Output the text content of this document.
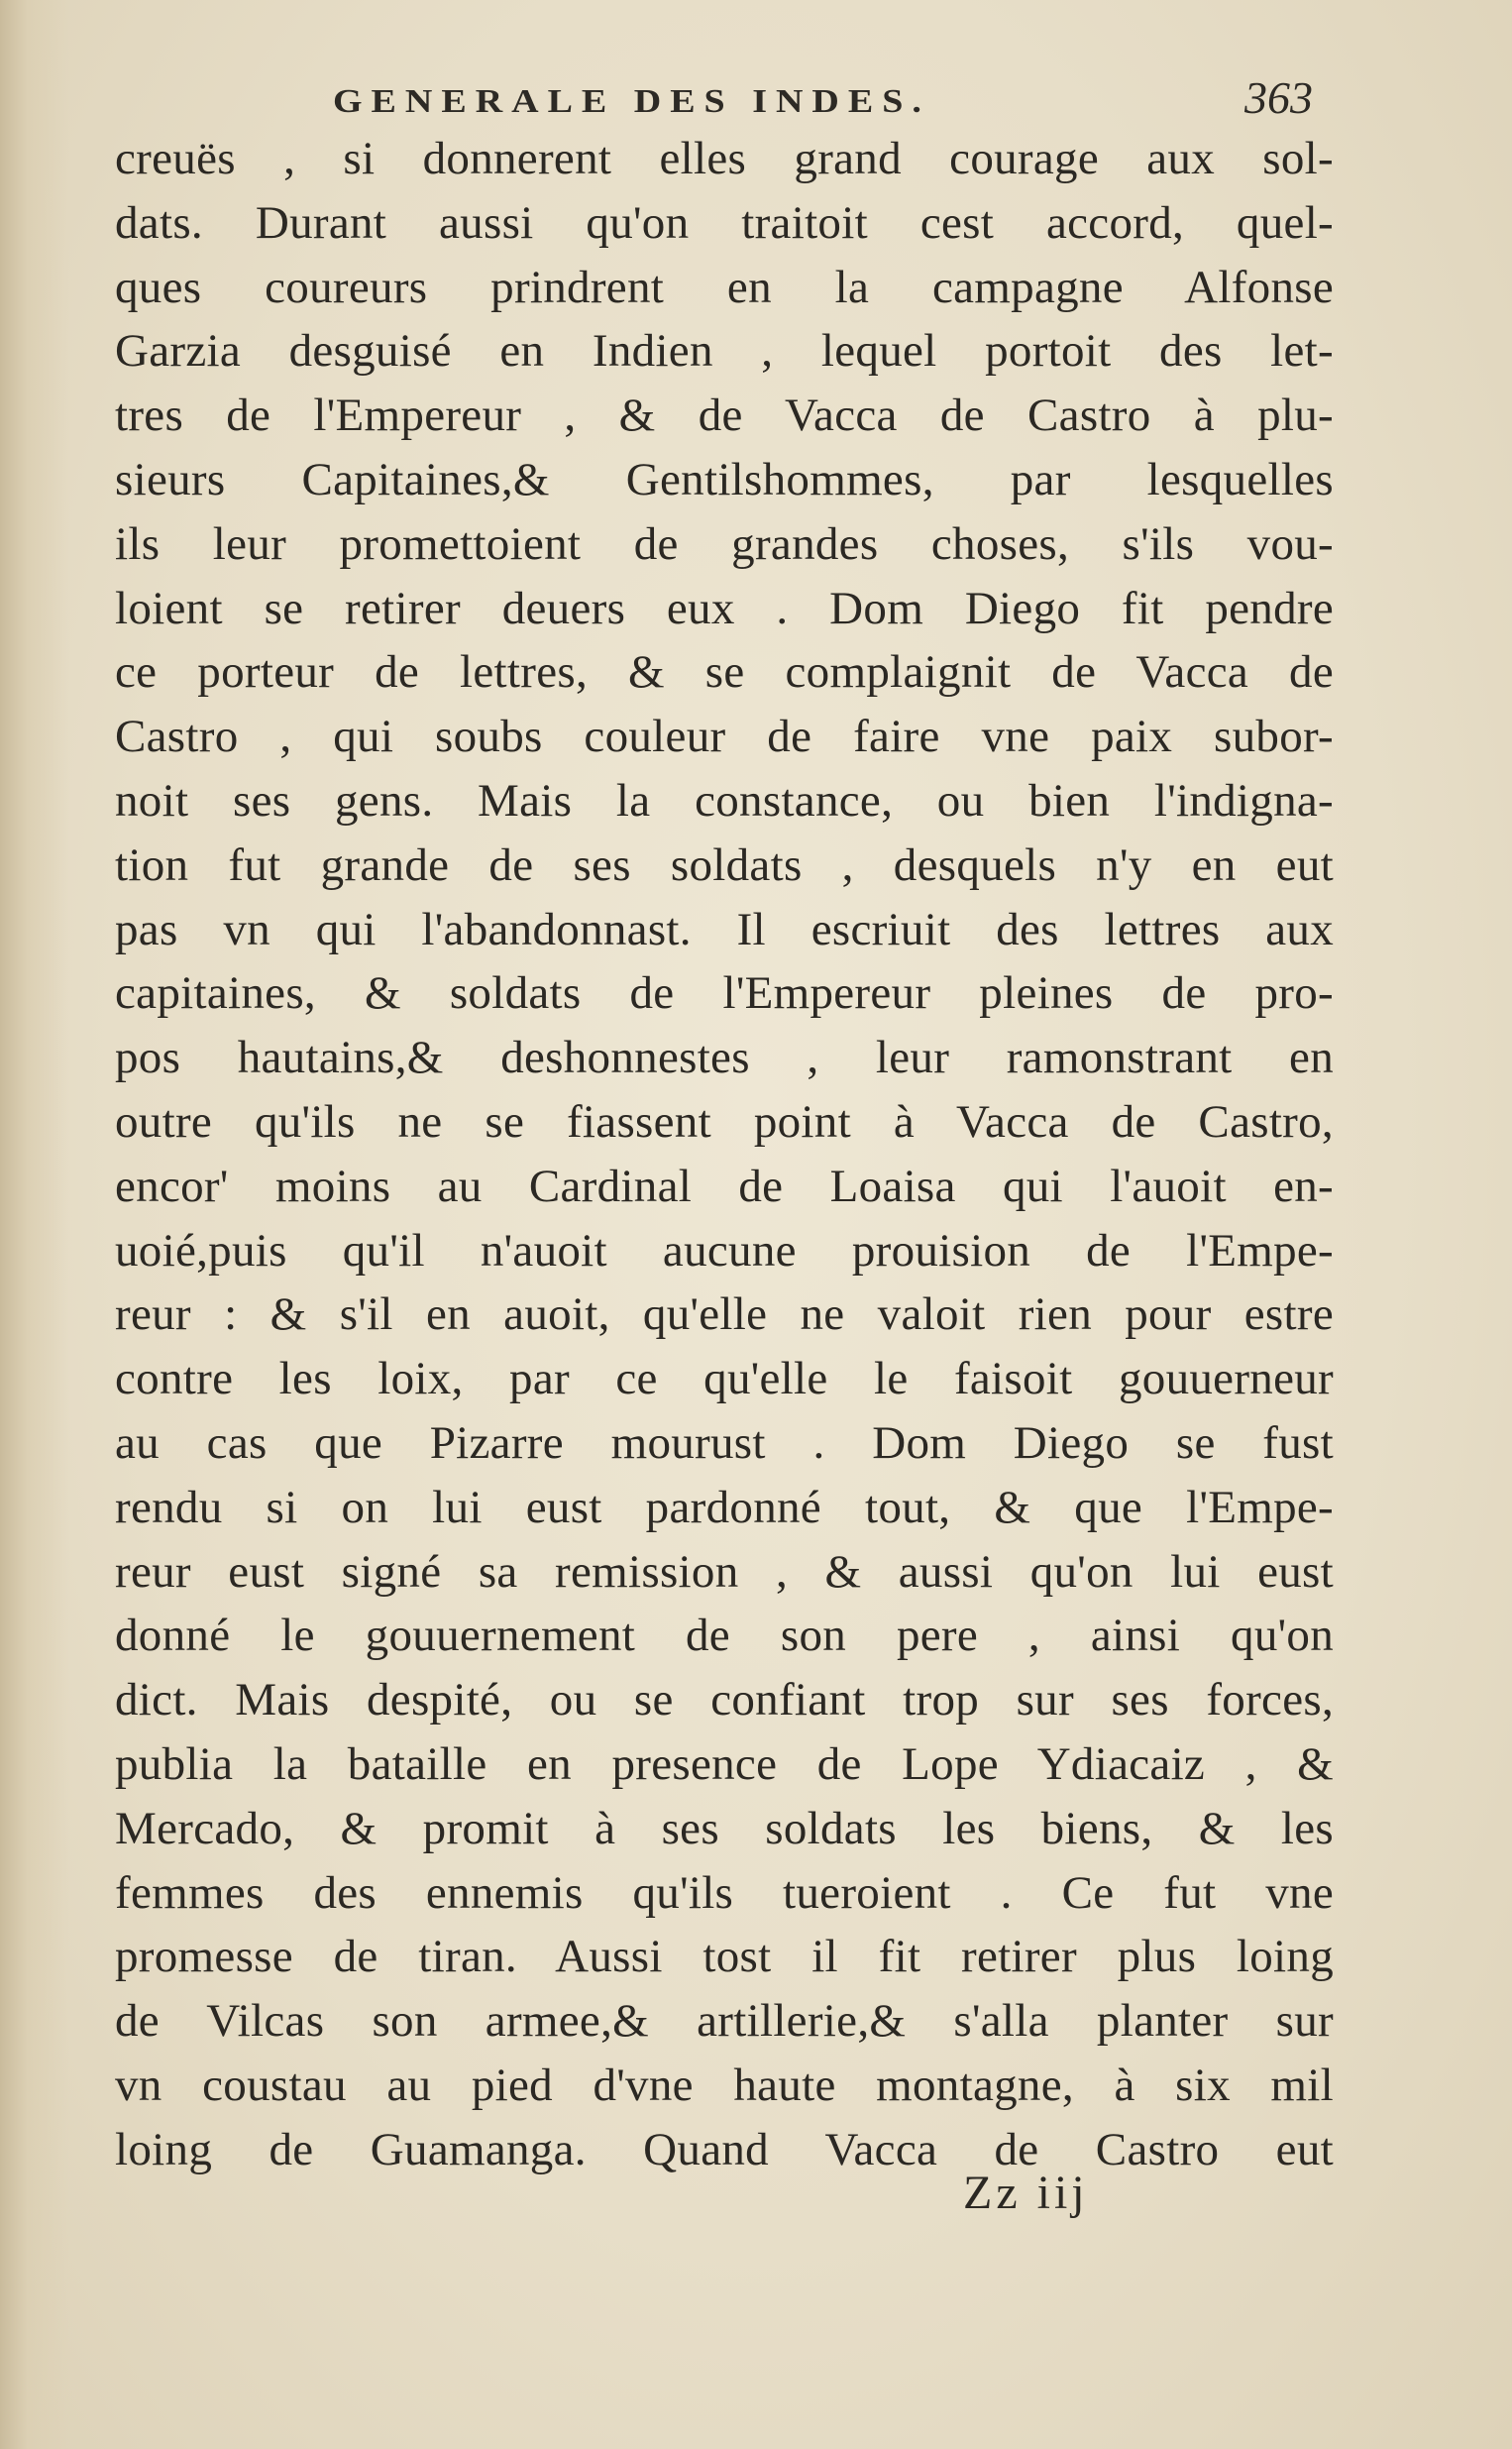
GENERALE DES INDES.	363
creuës , si donnerent elles grand courage aux sol-
dats. Durant aussi qu'on traitoit cest accord, quel-
ques coureurs prindrent en la campagne Alfonse
Garzia desguisé en Indien , lequel portoit des let-
tres de l'Empereur , & de Vacca de Castro à plu-
sieurs Capitaines,& Gentilshommes, par lesquelles
ils leur promettoient de grandes choses, s'ils vou-
loient se retirer deuers eux . Dom Diego fit pendre
ce porteur de lettres, & se complaignit de Vacca de
Castro , qui soubs couleur de faire vne paix subor-
noit ses gens. Mais la constance, ou bien l'indigna-
tion fut grande de ses soldats , desquels n'y en eut
pas vn qui l'abandonnast. Il escriuit des lettres aux
capitaines, & soldats de l'Empereur pleines de pro-
pos hautains,& deshonnestes , leur ramonstrant en
outre qu'ils ne se fiassent point à Vacca de Castro,
encor' moins au Cardinal de Loaisa qui l'auoit en-
uoié,puis qu'il n'auoit aucune prouision de l'Empe-
reur : & s'il en auoit, qu'elle ne valoit rien pour estre
contre les loix, par ce qu'elle le faisoit gouuerneur
au cas que Pizarre mourust . Dom Diego se fust
rendu si on lui eust pardonné tout, & que l'Empe-
reur eust signé sa remission , & aussi qu'on lui eust
donné le gouuernement de son pere , ainsi qu'on
dict. Mais despité, ou se confiant trop sur ses forces,
publia la bataille en presence de Lope Ydiacaiz , &
Mercado, & promit à ses soldats les biens, & les
femmes des ennemis qu'ils tueroient . Ce fut vne
promesse de tiran. Aussi tost il fit retirer plus loing
de Vilcas son armee,& artillerie,& s'alla planter sur
vn coustau au pied d'vne haute montagne, à six mil
loing de Guamanga. Quand Vacca de Castro eut
Zz iij
